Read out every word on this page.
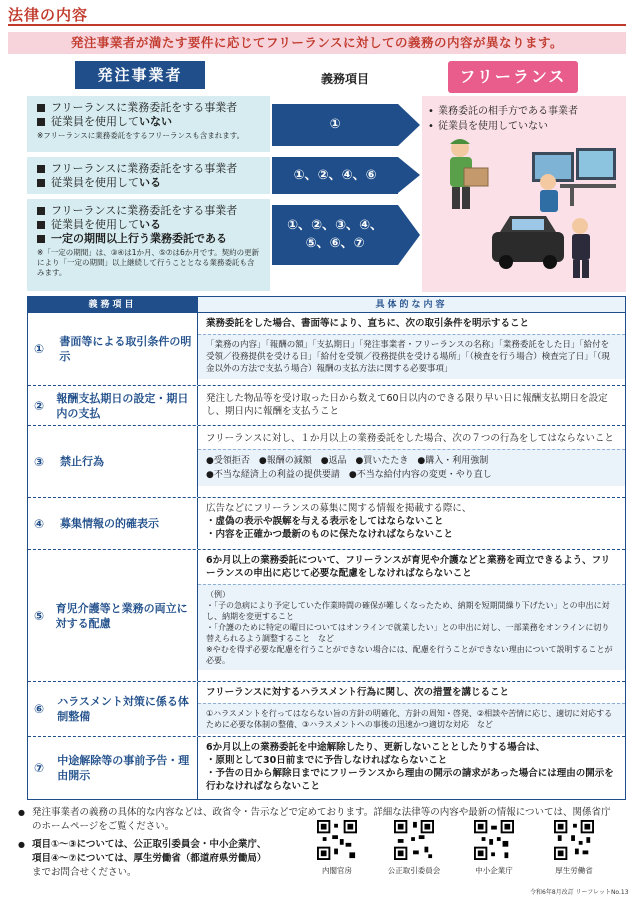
法律の内容
発注事業者が満たす要件に応じてフリーランスに対しての義務の内容が異なります。
発注事業者	義務項目	フリーランス
フリーランスに業務委託をする事業者
従業員を使用していない
※フリーランスに業務委託をするフリーランスも含まれます。
①
フリーランスに業務委託をする事業者
従業員を使用している	①、②、④、⑥
フリーランスに業務委託をする事業者
従業員を使用している
一定の期間以上行う業務委託である
※「一定の期間」は、③④は1か月、⑤⑦は6か月です。契約の更新により「一定の期間」以上継続して行うこととなる業務委託も含みます。
①、②、③、④、
⑤、⑥、⑦
• 業務委託の相手方である事業者
• 従業員を使用していない
義務項目	具体的な内容
①
書面等による取引条件の明示
業務委託をした場合、書面等により、直ちに、次の取引条件を明示すること
「業務の内容」「報酬の額」「支払期日」「発注事業者・フリーランスの名称」「業務委託をした日」「給付を受領／役務提供を受ける日」「給付を受領／役務提供を受ける場所」「（検査を行う場合）検査完了日」「（現金以外の方法で支払う場合）報酬の支払方法に関する必要事項」
②
報酬支払期日の設定・期日内の支払
発注した物品等を受け取った日から数えて60日以内のできる限り早い日に報酬支払期日を設定し、期日内に報酬を支払うこと
③	禁止行為
フリーランスに対し、１か月以上の業務委託をした場合、次の７つの行為をしてはならないこと
●受領拒否　●報酬の減額　●返品　●買いたたき　●購入・利用強制
●不当な経済上の利益の提供要請　●不当な給付内容の変更・やり直し
④	募集情報の的確表示
広告などにフリーランスの募集に関する情報を掲載する際に、
・虚偽の表示や誤解を与える表示をしてはならないこと
・内容を正確かつ最新のものに保たなければならないこと
⑤
育児介護等と業務の両立に対する配慮
6か月以上の業務委託について、フリーランスが育児や介護などと業務を両立できるよう、フリーランスの申出に応じて必要な配慮をしなければならないこと
（例）
・「子の急病により予定していた作業時間の確保が難しくなったため、納期を短期間繰り下げたい」との申出に対し、納期を変更すること
・「介護のために特定の曜日についてはオンラインで就業したい」との申出に対し、一部業務をオンラインに切り替えられるよう調整すること　など
※やむを得ず必要な配慮を行うことができない場合には、配慮を行うことができない理由について説明することが必要。
⑥
ハラスメント対策に係る体制整備
フリーランスに対するハラスメント行為に関し、次の措置を講じること
①ハラスメントを行ってはならない旨の方針の明確化、方針の周知・啓発、②相談や苦情に応じ、適切に対応するために必要な体制の整備、③ハラスメントへの事後の迅速かつ適切な対応　など
⑦
中途解除等の事前予告・理由開示
6か月以上の業務委託を中途解除したり、更新しないこととしたりする場合は、
・原則として30日前までに予告しなければならないこと
・予告の日から解除日までにフリーランスから理由の開示の請求があった場合には理由の開示を行わなければならないこと
● 発注事業者の義務の具体的な内容などは、政省令・告示などで定めております。詳細な法律等の内容や最新の情報については、関係省庁のホームページをご覧ください。
● 項目①～③については、公正取引委員会・中小企業庁、
項目④～⑦については、厚生労働省（都道府県労働局）
までお問合せください。	内閣官房	公正取引委員会	中小企業庁	厚生労働省
令和6年8月改訂 リーフレットNo.13
